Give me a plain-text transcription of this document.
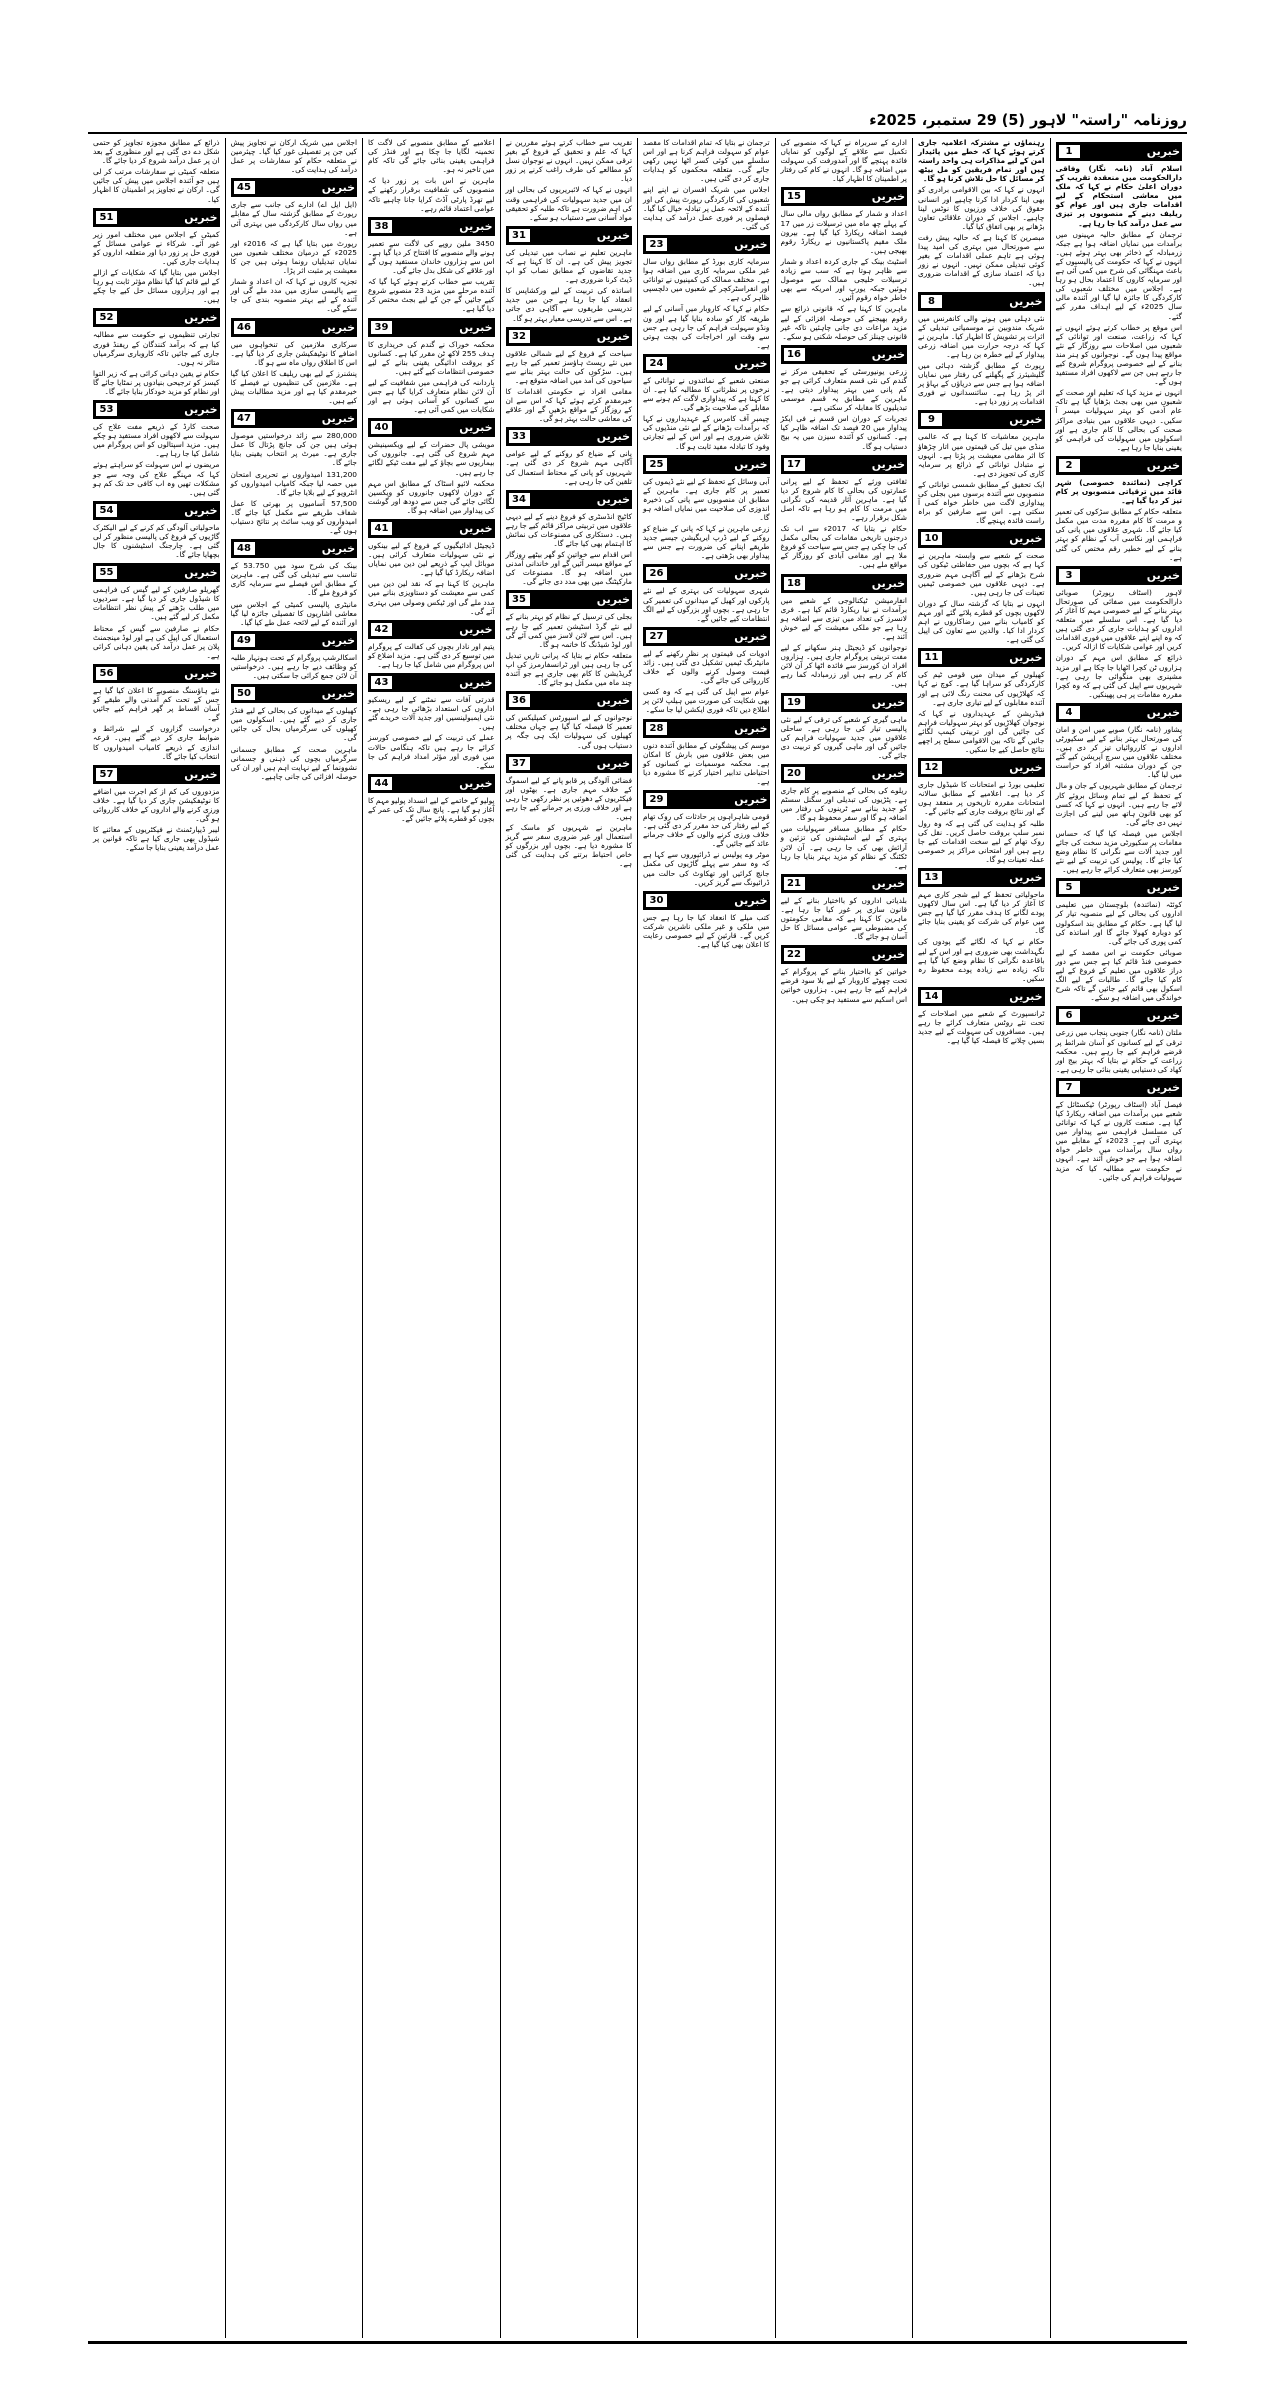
روزنامہ "راستہ" لاہور (5) 29 ستمبر، 2025ء
خبریں
1

اسلام آباد (نامہ نگار) وفاقی دارالحکومت میں منعقدہ تقریب کے دوران اعلیٰ حکام نے کہا کہ ملک میں معاشی استحکام کے لیے اقدامات جاری ہیں اور عوام کو ریلیف دینے کے منصوبوں پر تیزی سے عمل درآمد کیا جا رہا ہے۔

ترجمان کے مطابق حالیہ مہینوں میں برآمدات میں نمایاں اضافہ ہوا ہے جبکہ زرمبادلہ کے ذخائر بھی بہتر ہوئے ہیں۔ انہوں نے کہا کہ حکومت کی پالیسیوں کے باعث مہنگائی کی شرح میں کمی آئی ہے اور سرمایہ کاروں کا اعتماد بحال ہو رہا ہے۔ اجلاس میں مختلف شعبوں کی کارکردگی کا جائزہ لیا گیا اور آئندہ مالی سال 2025ء کے لیے اہداف مقرر کیے گئے۔

اس موقع پر خطاب کرتے ہوئے انہوں نے کہا کہ زراعت، صنعت اور توانائی کے شعبوں میں اصلاحات سے روزگار کے نئے مواقع پیدا ہوں گے۔ نوجوانوں کو ہنر مند بنانے کے لیے خصوصی پروگرام شروع کیے جا رہے ہیں جن سے لاکھوں افراد مستفید ہوں گے۔

انہوں نے مزید کہا کہ تعلیم اور صحت کے شعبوں میں بھی بجٹ بڑھایا گیا ہے تاکہ عام آدمی کو بہتر سہولیات میسر آ سکیں۔ دیہی علاقوں میں بنیادی مراکز صحت کی بحالی کا کام جاری ہے اور اسکولوں میں سہولیات کی فراہمی کو یقینی بنایا جا رہا ہے۔

خبریں
2

کراچی (نمائندہ خصوصی) شہر قائد میں ترقیاتی منصوبوں پر کام تیز کر دیا گیا ہے۔

متعلقہ حکام کے مطابق سڑکوں کی تعمیر و مرمت کا کام مقررہ مدت میں مکمل کیا جائے گا۔ شہری علاقوں میں پانی کی فراہمی اور نکاسی آب کے نظام کو بہتر بنانے کے لیے خطیر رقم مختص کی گئی ہے۔

خبریں
3

لاہور (اسٹاف رپورٹر) صوبائی دارالحکومت میں صفائی کی صورتحال بہتر بنانے کے لیے خصوصی مہم کا آغاز کر دیا گیا ہے۔ اس سلسلے میں متعلقہ اداروں کو ہدایات جاری کر دی گئی ہیں کہ وہ اپنے اپنے علاقوں میں فوری اقدامات کریں اور عوامی شکایات کا ازالہ کریں۔

ذرائع کے مطابق اس مہم کے دوران ہزاروں ٹن کچرا اٹھایا جا چکا ہے اور مزید مشینری بھی منگوائی جا رہی ہے۔ شہریوں سے اپیل کی گئی ہے کہ وہ کچرا مقررہ مقامات پر ہی پھینکیں۔

خبریں
4

پشاور (نامہ نگار) صوبے میں امن و امان کی صورتحال بہتر بنانے کے لیے سکیورٹی اداروں نے کارروائیاں تیز کر دی ہیں۔ مختلف علاقوں میں سرچ آپریشن کیے گئے جن کے دوران مشتبہ افراد کو حراست میں لیا گیا۔

ترجمان کے مطابق شہریوں کے جان و مال کے تحفظ کے لیے تمام وسائل بروئے کار لائے جا رہے ہیں۔ انہوں نے کہا کہ کسی کو بھی قانون ہاتھ میں لینے کی اجازت نہیں دی جائے گی۔

اجلاس میں فیصلہ کیا گیا کہ حساس مقامات پر سکیورٹی مزید سخت کی جائے اور جدید آلات سے نگرانی کا نظام وضع کیا جائے گا۔ پولیس کی تربیت کے لیے نئے کورسز بھی متعارف کرائے جا رہے ہیں۔

خبریں
5

کوئٹہ (نمائندہ) بلوچستان میں تعلیمی اداروں کی بحالی کے لیے منصوبہ تیار کر لیا گیا ہے۔ حکام کے مطابق بند اسکولوں کو دوبارہ کھولا جائے گا اور اساتذہ کی کمی پوری کی جائے گی۔

صوبائی حکومت نے اس مقصد کے لیے خصوصی فنڈ قائم کیا ہے جس سے دور دراز علاقوں میں تعلیم کے فروغ کے لیے کام کیا جائے گا۔ طالبات کے لیے الگ اسکول بھی قائم کیے جائیں گے تاکہ شرح خواندگی میں اضافہ ہو سکے۔

خبریں
6

ملتان (نامہ نگار) جنوبی پنجاب میں زرعی ترقی کے لیے کسانوں کو آسان شرائط پر قرضے فراہم کیے جا رہے ہیں۔ محکمہ زراعت کے حکام نے بتایا کہ بہتر بیج اور کھاد کی دستیابی یقینی بنائی جا رہی ہے۔

خبریں
7

فیصل آباد (اسٹاف رپورٹر) ٹیکسٹائل کے شعبے میں برآمدات میں اضافہ ریکارڈ کیا گیا ہے۔ صنعت کاروں نے کہا کہ توانائی کی مسلسل فراہمی سے پیداوار میں بہتری آئی ہے۔ 2023ء کے مقابلے میں رواں سال برآمدات میں خاطر خواہ اضافہ ہوا ہے جو خوش آئند ہے۔ انہوں نے حکومت سے مطالبہ کیا کہ مزید سہولیات فراہم کی جائیں۔

رہنماؤں نے مشترکہ اعلامیہ جاری کرتے ہوئے کہا کہ خطے میں پائیدار امن کے لیے مذاکرات ہی واحد راستہ ہیں اور تمام فریقین کو مل بیٹھ کر مسائل کا حل تلاش کرنا ہو گا۔

انہوں نے کہا کہ بین الاقوامی برادری کو بھی اپنا کردار ادا کرنا چاہیے اور انسانی حقوق کی خلاف ورزیوں کا نوٹس لینا چاہیے۔ اجلاس کے دوران علاقائی تعاون بڑھانے پر بھی اتفاق کیا گیا۔

مبصرین کا کہنا ہے کہ حالیہ پیش رفت سے صورتحال میں بہتری کی امید پیدا ہوئی ہے تاہم عملی اقدامات کے بغیر کوئی تبدیلی ممکن نہیں۔ انہوں نے زور دیا کہ اعتماد سازی کے اقدامات ضروری ہیں۔

خبریں
8

نئی دہلی میں ہونے والی کانفرنس میں شریک مندوبین نے موسمیاتی تبدیلی کے اثرات پر تشویش کا اظہار کیا۔ ماہرین نے کہا کہ درجہ حرارت میں اضافہ زرعی پیداوار کے لیے خطرہ بن رہا ہے۔

رپورٹ کے مطابق گزشتہ دہائی میں گلیشیئرز کے پگھلنے کی رفتار میں نمایاں اضافہ ہوا ہے جس سے دریاؤں کے بہاؤ پر اثر پڑ رہا ہے۔ سائنسدانوں نے فوری اقدامات پر زور دیا ہے۔

خبریں
9

ماہرین معاشیات کا کہنا ہے کہ عالمی منڈی میں تیل کی قیمتوں میں اتار چڑھاؤ کا اثر مقامی معیشت پر پڑتا ہے۔ انہوں نے متبادل توانائی کے ذرائع پر سرمایہ کاری کی تجویز دی ہے۔

ایک تحقیق کے مطابق شمسی توانائی کے منصوبوں سے آئندہ برسوں میں بجلی کی پیداواری لاگت میں خاطر خواہ کمی آ سکتی ہے۔ اس سے صارفین کو براہ راست فائدہ پہنچے گا۔

خبریں
10

صحت کے شعبے سے وابستہ ماہرین نے کہا ہے کہ بچوں میں حفاظتی ٹیکوں کی شرح بڑھانے کے لیے آگاہی مہم ضروری ہے۔ دیہی علاقوں میں خصوصی ٹیمیں تعینات کی جا رہی ہیں۔

انہوں نے بتایا کہ گزشتہ سال کے دوران لاکھوں بچوں کو قطرے پلائے گئے اور مہم کو کامیاب بنانے میں رضاکاروں نے اہم کردار ادا کیا۔ والدین سے تعاون کی اپیل کی گئی ہے۔

خبریں
11

کھیلوں کے میدان میں قومی ٹیم کی کارکردگی کو سراہا گیا ہے۔ کوچ نے کہا کہ کھلاڑیوں کی محنت رنگ لائی ہے اور آئندہ مقابلوں کے لیے تیاری جاری ہے۔

فیڈریشن کے عہدیداروں نے کہا کہ نوجوان کھلاڑیوں کو بہتر سہولیات فراہم کی جائیں گی اور تربیتی کیمپ لگائے جائیں گے تاکہ بین الاقوامی سطح پر اچھے نتائج حاصل کیے جا سکیں۔

خبریں
12

تعلیمی بورڈ نے امتحانات کا شیڈول جاری کر دیا ہے۔ اعلامیے کے مطابق سالانہ امتحانات مقررہ تاریخوں پر منعقد ہوں گے اور نتائج بروقت جاری کیے جائیں گے۔

طلبہ کو ہدایت کی گئی ہے کہ وہ رول نمبر سلپ بروقت حاصل کریں۔ نقل کی روک تھام کے لیے سخت اقدامات کیے جا رہے ہیں اور امتحانی مراکز پر خصوصی عملہ تعینات ہو گا۔

خبریں
13

ماحولیاتی تحفظ کے لیے شجر کاری مہم کا آغاز کر دیا گیا ہے۔ اس سال لاکھوں پودے لگانے کا ہدف مقرر کیا گیا ہے جس میں عوام کی شرکت کو یقینی بنایا جائے گا۔

حکام نے کہا کہ لگائے گئے پودوں کی نگہداشت بھی ضروری ہے اور اس کے لیے باقاعدہ نگرانی کا نظام وضع کیا گیا ہے تاکہ زیادہ سے زیادہ پودے محفوظ رہ سکیں۔

خبریں
14

ٹرانسپورٹ کے شعبے میں اصلاحات کے تحت نئے روٹس متعارف کرائے جا رہے ہیں۔ مسافروں کی سہولت کے لیے جدید بسیں چلانے کا فیصلہ کیا گیا ہے۔

ادارے کے سربراہ نے کہا کہ منصوبے کی تکمیل سے علاقے کے لوگوں کو نمایاں فائدہ پہنچے گا اور آمدورفت کی سہولت میں اضافہ ہو گا۔ انہوں نے کام کی رفتار پر اطمینان کا اظہار کیا۔

خبریں
15

اعداد و شمار کے مطابق رواں مالی سال کے پہلے چھ ماہ میں ترسیلات زر میں 17 فیصد اضافہ ریکارڈ کیا گیا ہے۔ بیرون ملک مقیم پاکستانیوں نے ریکارڈ رقوم بھیجی ہیں۔

اسٹیٹ بینک کے جاری کردہ اعداد و شمار سے ظاہر ہوتا ہے کہ سب سے زیادہ ترسیلات خلیجی ممالک سے موصول ہوئیں جبکہ یورپ اور امریکہ سے بھی خاطر خواہ رقوم آئیں۔

ماہرین کا کہنا ہے کہ قانونی ذرائع سے رقوم بھیجنے کی حوصلہ افزائی کے لیے مزید مراعات دی جانی چاہئیں تاکہ غیر قانونی چینلز کی حوصلہ شکنی ہو سکے۔

خبریں
16

زرعی یونیورسٹی کے تحقیقی مرکز نے گندم کی نئی قسم متعارف کرائی ہے جو کم پانی میں بہتر پیداوار دیتی ہے۔ ماہرین کے مطابق یہ قسم موسمی تبدیلیوں کا مقابلہ کر سکتی ہے۔

تجربات کے دوران اس قسم نے فی ایکڑ پیداوار میں 20 فیصد تک اضافہ ظاہر کیا ہے۔ کسانوں کو آئندہ سیزن میں یہ بیج دستیاب ہو گا۔

خبریں
17

ثقافتی ورثے کے تحفظ کے لیے پرانی عمارتوں کی بحالی کا کام شروع کر دیا گیا ہے۔ ماہرین آثار قدیمہ کی نگرانی میں مرمت کا کام ہو رہا ہے تاکہ اصل شکل برقرار رہے۔

حکام نے بتایا کہ 2017ء سے اب تک درجنوں تاریخی مقامات کی بحالی مکمل کی جا چکی ہے جس سے سیاحت کو فروغ ملا ہے اور مقامی آبادی کو روزگار کے مواقع ملے ہیں۔

خبریں
18

انفارمیشن ٹیکنالوجی کے شعبے میں برآمدات نے نیا ریکارڈ قائم کیا ہے۔ فری لانسرز کی تعداد میں تیزی سے اضافہ ہو رہا ہے جو ملکی معیشت کے لیے خوش آئند ہے۔

نوجوانوں کو ڈیجیٹل ہنر سکھانے کے لیے مفت تربیتی پروگرام جاری ہیں۔ ہزاروں افراد ان کورسز سے فائدہ اٹھا کر آن لائن کام کر رہے ہیں اور زرمبادلہ کما رہے ہیں۔

خبریں
19

ماہی گیری کے شعبے کی ترقی کے لیے نئی پالیسی تیار کی جا رہی ہے۔ ساحلی علاقوں میں جدید سہولیات فراہم کی جائیں گی اور ماہی گیروں کو تربیت دی جائے گی۔

خبریں
20

ریلوے کی بحالی کے منصوبے پر کام جاری ہے۔ پٹڑیوں کی تبدیلی اور سگنل سسٹم کو جدید بنانے سے ٹرینوں کی رفتار میں اضافہ ہو گا اور سفر محفوظ ہو گا۔

حکام کے مطابق مسافر سہولیات میں بہتری کے لیے اسٹیشنوں کی تزئین و آرائش بھی کی جا رہی ہے۔ آن لائن ٹکٹنگ کے نظام کو مزید بہتر بنایا جا رہا ہے۔

خبریں
21

بلدیاتی اداروں کو بااختیار بنانے کے لیے قانون سازی پر غور کیا جا رہا ہے۔ ماہرین کا کہنا ہے کہ مقامی حکومتوں کی مضبوطی سے عوامی مسائل کا حل آسان ہو جائے گا۔

خبریں
22

خواتین کو بااختیار بنانے کے پروگرام کے تحت چھوٹے کاروبار کے لیے بلا سود قرضے فراہم کیے جا رہے ہیں۔ ہزاروں خواتین اس اسکیم سے مستفید ہو چکی ہیں۔

ترجمان نے بتایا کہ تمام اقدامات کا مقصد عوام کو سہولت فراہم کرنا ہے اور اس سلسلے میں کوئی کسر اٹھا نہیں رکھی جائے گی۔ متعلقہ محکموں کو ہدایات جاری کر دی گئی ہیں۔

اجلاس میں شریک افسران نے اپنے اپنے شعبوں کی کارکردگی رپورٹ پیش کی اور آئندہ کے لائحہ عمل پر تبادلہ خیال کیا گیا۔ فیصلوں پر فوری عمل درآمد کی ہدایت کی گئی۔

خبریں
23

سرمایہ کاری بورڈ کے مطابق رواں سال غیر ملکی سرمایہ کاری میں اضافہ ہوا ہے۔ مختلف ممالک کی کمپنیوں نے توانائی اور انفراسٹرکچر کے شعبوں میں دلچسپی ظاہر کی ہے۔

حکام نے کہا کہ کاروبار میں آسانی کے لیے طریقہ کار کو سادہ بنایا گیا ہے اور ون ونڈو سہولت فراہم کی جا رہی ہے جس سے وقت اور اخراجات کی بچت ہوتی ہے۔

خبریں
24

صنعتی شعبے کے نمائندوں نے توانائی کے نرخوں پر نظرثانی کا مطالبہ کیا ہے۔ ان کا کہنا ہے کہ پیداواری لاگت کم ہونے سے مقابلے کی صلاحیت بڑھے گی۔

چیمبر آف کامرس کے عہدیداروں نے کہا کہ برآمدات بڑھانے کے لیے نئی منڈیوں کی تلاش ضروری ہے اور اس کے لیے تجارتی وفود کا تبادلہ مفید ثابت ہو گا۔

خبریں
25

آبی وسائل کے تحفظ کے لیے نئے ڈیموں کی تعمیر پر کام جاری ہے۔ ماہرین کے مطابق ان منصوبوں سے پانی کی ذخیرہ اندوزی کی صلاحیت میں نمایاں اضافہ ہو گا۔

زرعی ماہرین نے کہا کہ پانی کے ضیاع کو روکنے کے لیے ڈرپ ایریگیشن جیسے جدید طریقے اپنانے کی ضرورت ہے جس سے پیداوار بھی بڑھتی ہے۔

خبریں
26

شہری سہولیات کی بہتری کے لیے نئے پارکوں اور کھیل کے میدانوں کی تعمیر کی جا رہی ہے۔ بچوں اور بزرگوں کے لیے الگ انتظامات کیے جائیں گے۔

خبریں
27

ادویات کی قیمتوں پر نظر رکھنے کے لیے مانیٹرنگ ٹیمیں تشکیل دی گئی ہیں۔ زائد قیمت وصول کرنے والوں کے خلاف کارروائی کی جائے گی۔

عوام سے اپیل کی گئی ہے کہ وہ کسی بھی شکایت کی صورت میں ہیلپ لائن پر اطلاع دیں تاکہ فوری ایکشن لیا جا سکے۔

خبریں
28

موسم کی پیشگوئی کے مطابق آئندہ دنوں میں بعض علاقوں میں بارش کا امکان ہے۔ محکمہ موسمیات نے کسانوں کو احتیاطی تدابیر اختیار کرنے کا مشورہ دیا ہے۔

خبریں
29

قومی شاہراہوں پر حادثات کی روک تھام کے لیے رفتار کی حد مقرر کر دی گئی ہے۔ خلاف ورزی کرنے والوں کے خلاف جرمانے عائد کیے جائیں گے۔

موٹر وے پولیس نے ڈرائیوروں سے کہا ہے کہ وہ سفر سے پہلے گاڑیوں کی مکمل جانچ کرائیں اور تھکاوٹ کی حالت میں ڈرائیونگ سے گریز کریں۔

خبریں
30

کتب میلے کا انعقاد کیا جا رہا ہے جس میں ملکی و غیر ملکی ناشرین شرکت کریں گے۔ قارئین کے لیے خصوصی رعایت کا اعلان بھی کیا گیا ہے۔

تقریب سے خطاب کرتے ہوئے مقررین نے کہا کہ علم و تحقیق کے فروغ کے بغیر ترقی ممکن نہیں۔ انہوں نے نوجوان نسل کو مطالعے کی طرف راغب کرنے پر زور دیا۔

انہوں نے کہا کہ لائبریریوں کی بحالی اور ان میں جدید سہولیات کی فراہمی وقت کی اہم ضرورت ہے تاکہ طلبہ کو تحقیقی مواد آسانی سے دستیاب ہو سکے۔

خبریں
31

ماہرین تعلیم نے نصاب میں تبدیلی کی تجویز پیش کی ہے۔ ان کا کہنا ہے کہ جدید تقاضوں کے مطابق نصاب کو اپ ڈیٹ کرنا ضروری ہے۔

اساتذہ کی تربیت کے لیے ورکشاپس کا انعقاد کیا جا رہا ہے جن میں جدید تدریسی طریقوں سے آگاہی دی جاتی ہے۔ اس سے تدریسی معیار بہتر ہو گا۔

خبریں
32

سیاحت کے فروغ کے لیے شمالی علاقوں میں نئے ریسٹ ہاؤسز تعمیر کیے جا رہے ہیں۔ سڑکوں کی حالت بہتر بنانے سے سیاحوں کی آمد میں اضافہ متوقع ہے۔

مقامی افراد نے حکومتی اقدامات کا خیرمقدم کرتے ہوئے کہا کہ اس سے ان کے روزگار کے مواقع بڑھیں گے اور علاقے کی معاشی حالت بہتر ہو گی۔

خبریں
33

پانی کے ضیاع کو روکنے کے لیے عوامی آگاہی مہم شروع کر دی گئی ہے۔ شہریوں کو پانی کے محتاط استعمال کی تلقین کی جا رہی ہے۔

خبریں
34

کاٹیج انڈسٹری کو فروغ دینے کے لیے دیہی علاقوں میں تربیتی مراکز قائم کیے جا رہے ہیں۔ دستکاری کی مصنوعات کی نمائش کا اہتمام بھی کیا جائے گا۔

اس اقدام سے خواتین کو گھر بیٹھے روزگار کے مواقع میسر آئیں گے اور خاندانی آمدنی میں اضافہ ہو گا۔ مصنوعات کی مارکیٹنگ میں بھی مدد دی جائے گی۔

خبریں
35

بجلی کی ترسیل کے نظام کو بہتر بنانے کے لیے نئے گرڈ اسٹیشن تعمیر کیے جا رہے ہیں۔ اس سے لائن لاسز میں کمی آئے گی اور لوڈ شیڈنگ کا خاتمہ ہو گا۔

متعلقہ حکام نے بتایا کہ پرانی تاریں تبدیل کی جا رہی ہیں اور ٹرانسفارمرز کی اپ گریڈیشن کا کام بھی جاری ہے جو آئندہ چند ماہ میں مکمل ہو جائے گا۔

خبریں
36

نوجوانوں کے لیے اسپورٹس کمپلیکس کی تعمیر کا فیصلہ کیا گیا ہے جہاں مختلف کھیلوں کی سہولیات ایک ہی جگہ پر دستیاب ہوں گی۔

خبریں
37

فضائی آلودگی پر قابو پانے کے لیے اسموگ کے خلاف مہم جاری ہے۔ بھٹوں اور فیکٹریوں کے دھوئیں پر نظر رکھی جا رہی ہے اور خلاف ورزی پر جرمانے کیے جا رہے ہیں۔

ماہرین نے شہریوں کو ماسک کے استعمال اور غیر ضروری سفر سے گریز کا مشورہ دیا ہے۔ بچوں اور بزرگوں کو خاص احتیاط برتنے کی ہدایت کی گئی ہے۔

اعلامیے کے مطابق منصوبے کی لاگت کا تخمینہ لگایا جا چکا ہے اور فنڈز کی فراہمی یقینی بنائی جائے گی تاکہ کام میں تاخیر نہ ہو۔

ماہرین نے اس بات پر زور دیا کہ منصوبوں کی شفافیت برقرار رکھنے کے لیے تھرڈ پارٹی آڈٹ کرایا جانا چاہیے تاکہ عوامی اعتماد قائم رہے۔

خبریں
38

3450 ملین روپے کی لاگت سے تعمیر ہونے والے منصوبے کا افتتاح کر دیا گیا ہے۔ اس سے ہزاروں خاندان مستفید ہوں گے اور علاقے کی شکل بدل جائے گی۔

تقریب سے خطاب کرتے ہوئے کہا گیا کہ آئندہ مرحلے میں مزید 23 منصوبے شروع کیے جائیں گے جن کے لیے بجٹ مختص کر دیا گیا ہے۔

خبریں
39

محکمہ خوراک نے گندم کی خریداری کا ہدف 255 لاکھ ٹن مقرر کیا ہے۔ کسانوں کو بروقت ادائیگی یقینی بنانے کے لیے خصوصی انتظامات کیے گئے ہیں۔

بارداںنہ کی فراہمی میں شفافیت کے لیے آن لائن نظام متعارف کرایا گیا ہے جس سے کسانوں کو آسانی ہوئی ہے اور شکایات میں کمی آئی ہے۔

خبریں
40

مویشی پال حضرات کے لیے ویکسینیشن مہم شروع کی گئی ہے۔ جانوروں کی بیماریوں سے بچاؤ کے لیے مفت ٹیکے لگائے جا رہے ہیں۔

محکمہ لائیو اسٹاک کے مطابق اس مہم کے دوران لاکھوں جانوروں کو ویکسین لگائی جائے گی جس سے دودھ اور گوشت کی پیداوار میں اضافہ ہو گا۔

خبریں
41

ڈیجیٹل ادائیگیوں کے فروغ کے لیے بینکوں نے نئی سہولیات متعارف کرائی ہیں۔ موبائل ایپ کے ذریعے لین دین میں نمایاں اضافہ ریکارڈ کیا گیا ہے۔

ماہرین کا کہنا ہے کہ نقد لین دین میں کمی سے معیشت کو دستاویزی بنانے میں مدد ملے گی اور ٹیکس وصولی میں بہتری آئے گی۔

خبریں
42

یتیم اور نادار بچوں کی کفالت کے پروگرام میں توسیع کر دی گئی ہے۔ مزید اضلاع کو اس پروگرام میں شامل کیا جا رہا ہے۔

خبریں
43

قدرتی آفات سے نمٹنے کے لیے ریسکیو اداروں کی استعداد بڑھائی جا رہی ہے۔ نئی ایمبولینسیں اور جدید آلات خریدے گئے ہیں۔

عملے کی تربیت کے لیے خصوصی کورسز کرائے جا رہے ہیں تاکہ ہنگامی حالات میں فوری اور مؤثر امداد فراہم کی جا سکے۔

خبریں
44

پولیو کے خاتمے کے لیے انسداد پولیو مہم کا آغاز ہو گیا ہے۔ پانچ سال تک کی عمر کے بچوں کو قطرے پلائے جائیں گے۔

اجلاس میں شریک ارکان نے تجاویز پیش کیں جن پر تفصیلی غور کیا گیا۔ چیئرمین نے متعلقہ حکام کو سفارشات پر عمل درآمد کی ہدایت کی۔

خبریں
45

(ایل ایل اے) ادارے کی جانب سے جاری رپورٹ کے مطابق گزشتہ سال کے مقابلے میں رواں سال کارکردگی میں بہتری آئی ہے۔

رپورٹ میں بتایا گیا ہے کہ 2016ء اور 2025ء کے درمیان مختلف شعبوں میں نمایاں تبدیلیاں رونما ہوئی ہیں جن کا معیشت پر مثبت اثر پڑا۔

تجزیہ کاروں نے کہا کہ ان اعداد و شمار سے پالیسی سازی میں مدد ملے گی اور آئندہ کے لیے بہتر منصوبہ بندی کی جا سکے گی۔

خبریں
46

سرکاری ملازمین کی تنخواہوں میں اضافے کا نوٹیفکیشن جاری کر دیا گیا ہے۔ اس کا اطلاق رواں ماہ سے ہو گا۔

پنشنرز کے لیے بھی ریلیف کا اعلان کیا گیا ہے۔ ملازمین کی تنظیموں نے فیصلے کا خیرمقدم کیا ہے اور مزید مطالبات پیش کیے ہیں۔

خبریں
47

280,000 سے زائد درخواستیں موصول ہوئی ہیں جن کی جانچ پڑتال کا عمل جاری ہے۔ میرٹ پر انتخاب یقینی بنایا جائے گا۔

131,200 امیدواروں نے تحریری امتحان میں حصہ لیا جبکہ کامیاب امیدواروں کو انٹرویو کے لیے بلایا جائے گا۔

57,500 آسامیوں پر بھرتی کا عمل شفاف طریقے سے مکمل کیا جائے گا۔ امیدواروں کو ویب سائٹ پر نتائج دستیاب ہوں گے۔

خبریں
48

بینک کی شرح سود میں 53.750 کے تناسب سے تبدیلی کی گئی ہے۔ ماہرین کے مطابق اس فیصلے سے سرمایہ کاری کو فروغ ملے گا۔

مانیٹری پالیسی کمیٹی کے اجلاس میں معاشی اشاریوں کا تفصیلی جائزہ لیا گیا اور آئندہ کے لیے لائحہ عمل طے کیا گیا۔

خبریں
49

اسکالرشپ پروگرام کے تحت ہونہار طلبہ کو وظائف دیے جا رہے ہیں۔ درخواستیں آن لائن جمع کرائی جا سکتی ہیں۔

خبریں
50

کھیلوں کے میدانوں کی بحالی کے لیے فنڈز جاری کر دیے گئے ہیں۔ اسکولوں میں کھیلوں کی سرگرمیاں بحال کی جائیں گی۔

ماہرین صحت کے مطابق جسمانی سرگرمیاں بچوں کی ذہنی و جسمانی نشوونما کے لیے نہایت اہم ہیں اور ان کی حوصلہ افزائی کی جانی چاہیے۔

ذرائع کے مطابق مجوزہ تجاویز کو حتمی شکل دے دی گئی ہے اور منظوری کے بعد ان پر عمل درآمد شروع کر دیا جائے گا۔

متعلقہ کمیٹی نے سفارشات مرتب کر لی ہیں جو آئندہ اجلاس میں پیش کی جائیں گی۔ ارکان نے تجاویز پر اطمینان کا اظہار کیا۔

خبریں
51

کمیٹی کے اجلاس میں مختلف امور زیر غور آئے۔ شرکاء نے عوامی مسائل کے فوری حل پر زور دیا اور متعلقہ اداروں کو ہدایات جاری کیں۔

اجلاس میں بتایا گیا کہ شکایات کے ازالے کے لیے قائم کیا گیا نظام مؤثر ثابت ہو رہا ہے اور ہزاروں مسائل حل کیے جا چکے ہیں۔

خبریں
52

تجارتی تنظیموں نے حکومت سے مطالبہ کیا ہے کہ برآمد کنندگان کے ریفنڈ فوری جاری کیے جائیں تاکہ کاروباری سرگرمیاں متاثر نہ ہوں۔

حکام نے یقین دہانی کرائی ہے کہ زیر التوا کیسز کو ترجیحی بنیادوں پر نمٹایا جائے گا اور نظام کو مزید خودکار بنایا جائے گا۔

خبریں
53

صحت کارڈ کے ذریعے مفت علاج کی سہولت سے لاکھوں افراد مستفید ہو چکے ہیں۔ مزید اسپتالوں کو اس پروگرام میں شامل کیا جا رہا ہے۔

مریضوں نے اس سہولت کو سراہتے ہوئے کہا کہ مہنگے علاج کی وجہ سے جو مشکلات تھیں وہ اب کافی حد تک کم ہو گئی ہیں۔

خبریں
54

ماحولیاتی آلودگی کم کرنے کے لیے الیکٹرک گاڑیوں کے فروغ کی پالیسی منظور کر لی گئی ہے۔ چارجنگ اسٹیشنوں کا جال بچھایا جائے گا۔

خبریں
55

گھریلو صارفین کے لیے گیس کی فراہمی کا شیڈول جاری کر دیا گیا ہے۔ سردیوں میں طلب بڑھنے کے پیش نظر انتظامات مکمل کر لیے گئے ہیں۔

حکام نے صارفین سے گیس کے محتاط استعمال کی اپیل کی ہے اور لوڈ مینجمنٹ پلان پر عمل درآمد کی یقین دہانی کرائی ہے۔

خبریں
56

نئے ہاؤسنگ منصوبے کا اعلان کیا گیا ہے جس کے تحت کم آمدنی والے طبقے کو آسان اقساط پر گھر فراہم کیے جائیں گے۔

درخواست گزاروں کے لیے شرائط و ضوابط جاری کر دیے گئے ہیں۔ قرعہ اندازی کے ذریعے کامیاب امیدواروں کا انتخاب کیا جائے گا۔

خبریں
57

مزدوروں کی کم از کم اجرت میں اضافے کا نوٹیفکیشن جاری کر دیا گیا ہے۔ خلاف ورزی کرنے والے اداروں کے خلاف کارروائی ہو گی۔

لیبر ڈیپارٹمنٹ نے فیکٹریوں کے معائنے کا شیڈول بھی جاری کیا ہے تاکہ قوانین پر عمل درآمد یقینی بنایا جا سکے۔
